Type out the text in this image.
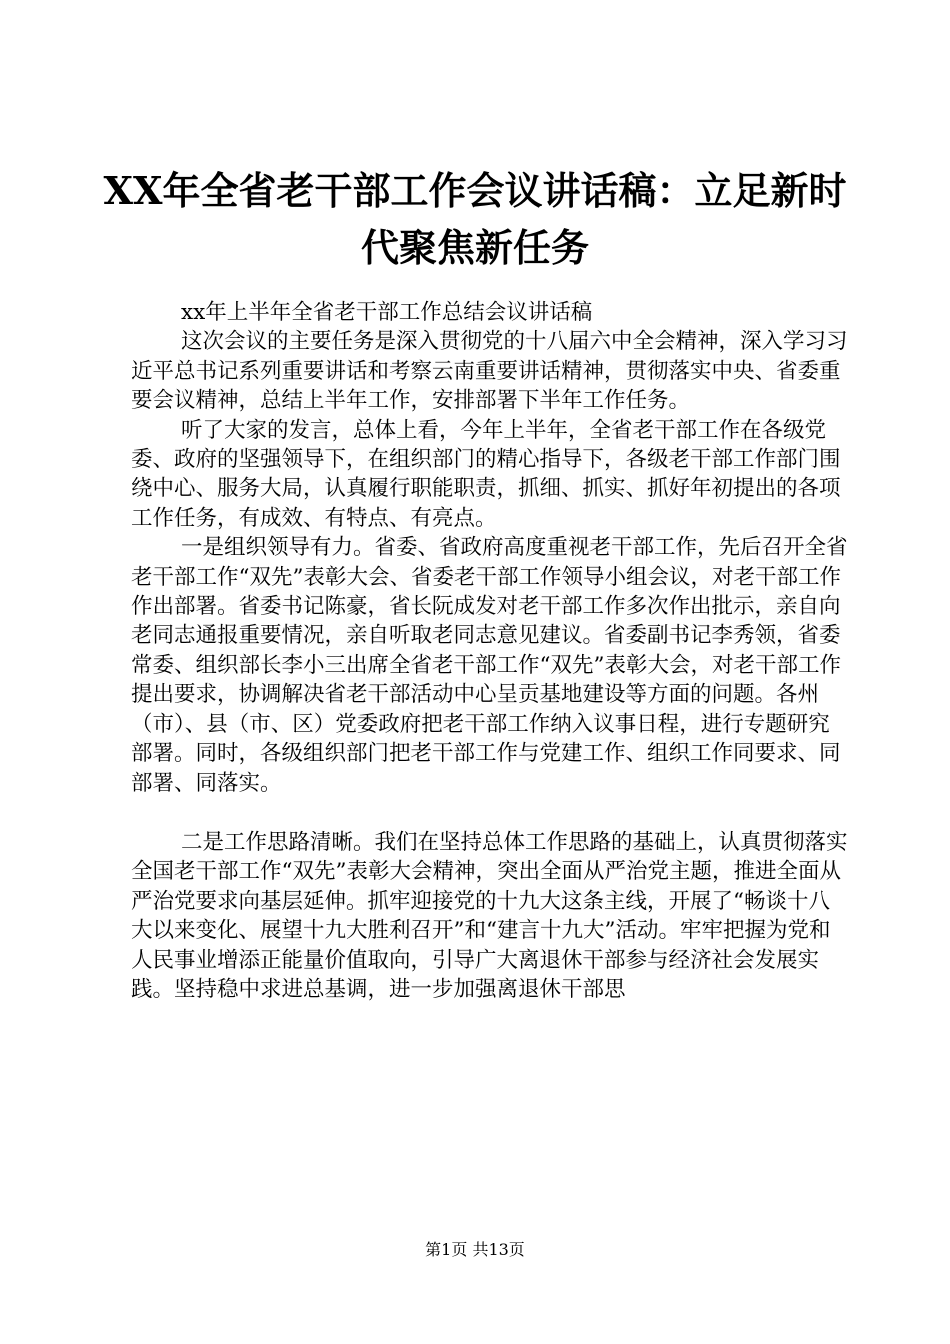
XX年全省老干部工作会议讲话稿：立足新时
代聚焦新任务

xx年上半年全省老干部工作总结会议讲话稿

这次会议的主要任务是深入贯彻党的十八届六中全会精神，深入学习习近平总书记系列重要讲话和考察云南重要讲话精神，贯彻落实中央、省委重要会议精神，总结上半年工作，安排部署下半年工作任务。

听了大家的发言，总体上看，今年上半年，全省老干部工作在各级党委、政府的坚强领导下，在组织部门的精心指导下，各级老干部工作部门围绕中心、服务大局，认真履行职能职责，抓细、抓实、抓好年初提出的各项工作任务，有成效、有特点、有亮点。

一是组织领导有力。省委、省政府高度重视老干部工作，先后召开全省老干部工作“双先”表彰大会、省委老干部工作领导小组会议，对老干部工作作出部署。省委书记陈豪，省长阮成发对老干部工作多次作出批示，亲自向老同志通报重要情况，亲自听取老同志意见建议。省委副书记李秀领，省委常委、组织部长李小三出席全省老干部工作“双先”表彰大会，对老干部工作提出要求，协调解决省老干部活动中心呈贡基地建设等方面的问题。各州（市）、县（市、区）党委政府把老干部工作纳入议事日程，进行专题研究部署。同时，各级组织部门把老干部工作与党建工作、组织工作同要求、同部署、同落实。

二是工作思路清晰。我们在坚持总体工作思路的基础上，认真贯彻落实全国老干部工作“双先”表彰大会精神，突出全面从严治党主题，推进全面从严治党要求向基层延伸。抓牢迎接党的十九大这条主线，开展了“畅谈十八大以来变化、展望十九大胜利召开”和“建言十九大”活动。牢牢把握为党和人民事业增添正能量价值取向，引导广大离退休干部参与经济社会发展实践。坚持稳中求进总基调，进一步加强离退休干部思

第1页 共13页
